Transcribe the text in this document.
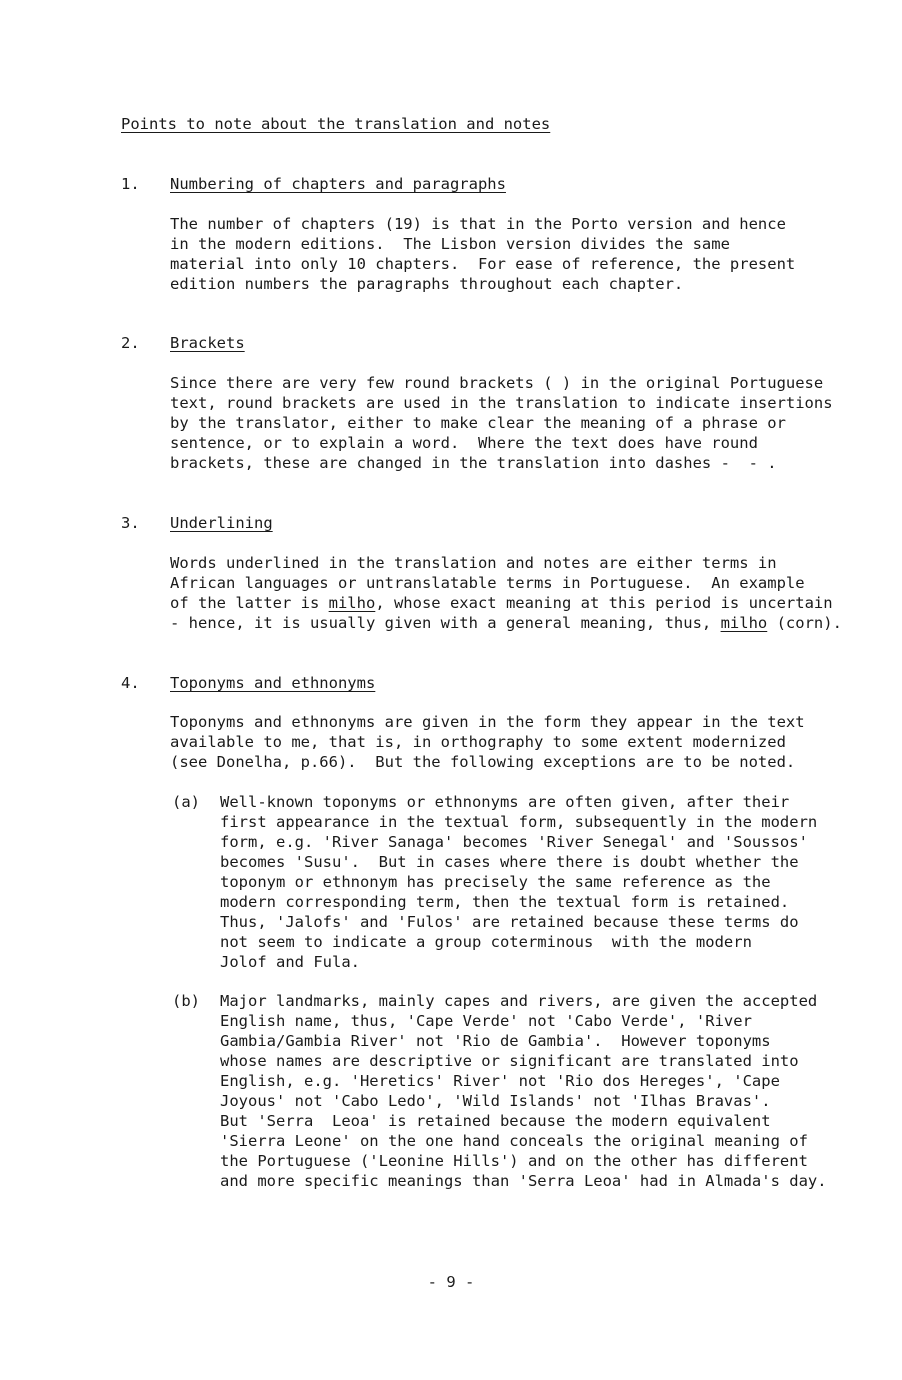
Points to note about the translation and notes
1. Numbering of chapters and paragraphs
The number of chapters (19) is that in the Porto version and hence
in the modern editions.  The Lisbon version divides the same
material into only 10 chapters.  For ease of reference, the present
edition numbers the paragraphs throughout each chapter.
2. Brackets
Since there are very few round brackets ( ) in the original Portuguese
text, round brackets are used in the translation to indicate insertions
by the translator, either to make clear the meaning of a phrase or
sentence, or to explain a word.  Where the text does have round
brackets, these are changed in the translation into dashes -  - .
3. Underlining
Words underlined in the translation and notes are either terms in
African languages or untranslatable terms in Portuguese.  An example
of the latter is milho, whose exact meaning at this period is uncertain
- hence, it is usually given with a general meaning, thus, milho (corn).
4. Toponyms and ethnonyms
Toponyms and ethnonyms are given in the form they appear in the text
available to me, that is, in orthography to some extent modernized
(see Donelha, p.66).  But the following exceptions are to be noted.
(a) Well-known toponyms or ethnonyms are often given, after their
first appearance in the textual form, subsequently in the modern
form, e.g. 'River Sanaga' becomes 'River Senegal' and 'Soussos'
becomes 'Susu'.  But in cases where there is doubt whether the
toponym or ethnonym has precisely the same reference as the
modern corresponding term, then the textual form is retained.
Thus, 'Jalofs' and 'Fulos' are retained because these terms do
not seem to indicate a group coterminous  with the modern
Jolof and Fula.
(b) Major landmarks, mainly capes and rivers, are given the accepted
English name, thus, 'Cape Verde' not 'Cabo Verde', 'River
Gambia/Gambia River' not 'Rio de Gambia'.  However toponyms
whose names are descriptive or significant are translated into
English, e.g. 'Heretics' River' not 'Rio dos Hereges', 'Cape
Joyous' not 'Cabo Ledo', 'Wild Islands' not 'Ilhas Bravas'.
But 'Serra  Leoa' is retained because the modern equivalent
'Sierra Leone' on the one hand conceals the original meaning of
the Portuguese ('Leonine Hills') and on the other has different
and more specific meanings than 'Serra Leoa' had in Almada's day.
- 9 -
